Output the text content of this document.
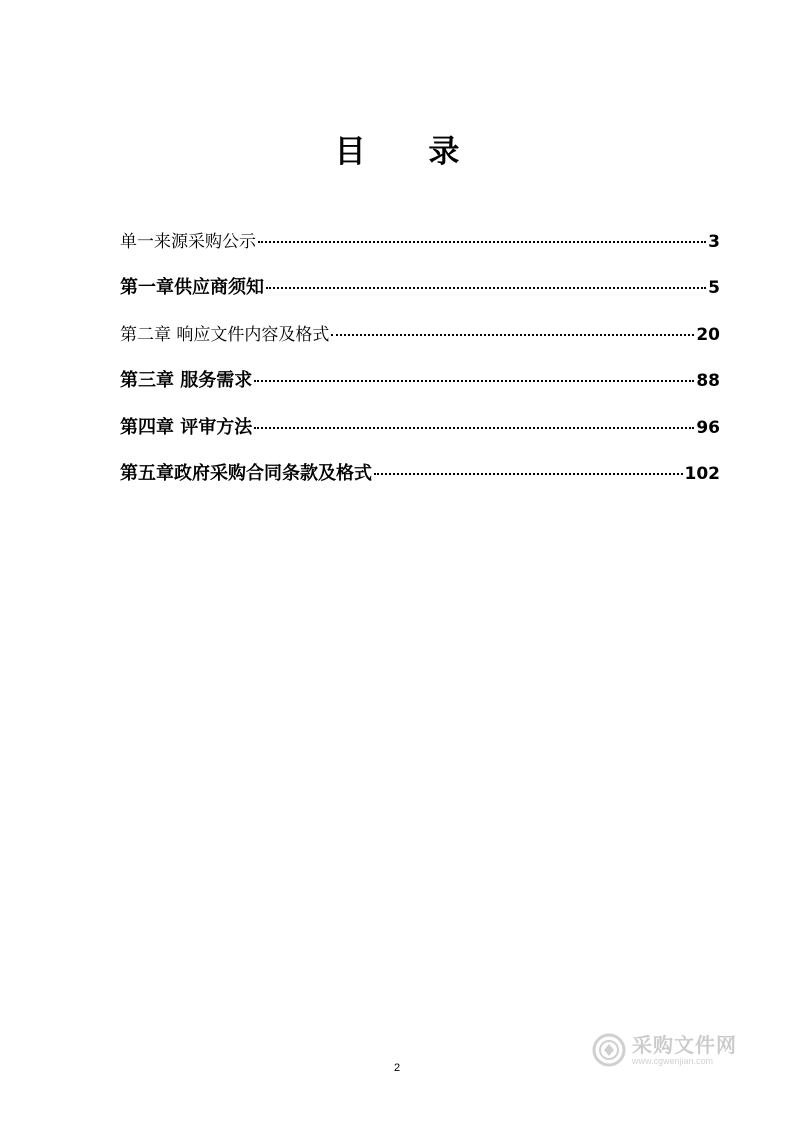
目 录
单一来源采购公示	3
第一章供应商须知	5
第二章 响应文件内容及格式	20
第三章 服务需求	88
第四章 评审方法	96
第五章政府采购合同条款及格式	102
2
采购文件网
www.cgwenjian.com
